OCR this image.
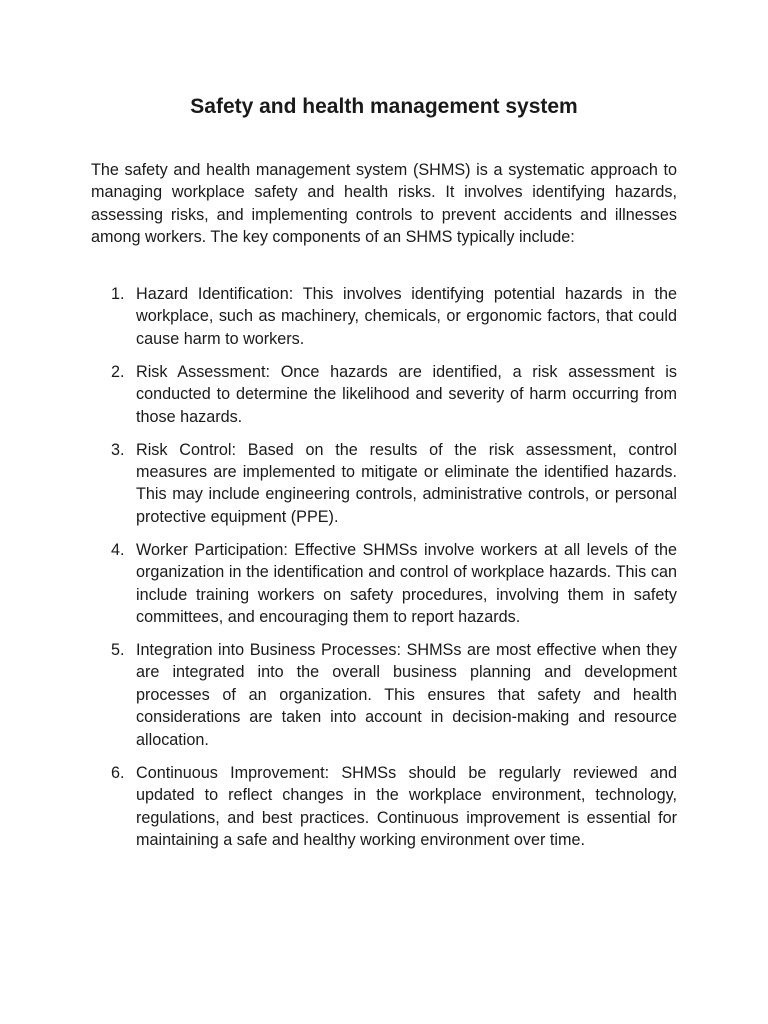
Safety and health management system

The safety and health management system (SHMS) is a systematic approach to managing workplace safety and health risks. It involves identifying hazards, assessing risks, and implementing controls to prevent accidents and illnesses among workers. The key components of an SHMS typically include:

1. Hazard Identification: This involves identifying potential hazards in the workplace, such as machinery, chemicals, or ergonomic factors, that could cause harm to workers.
2. Risk Assessment: Once hazards are identified, a risk assessment is conducted to determine the likelihood and severity of harm occurring from those hazards.
3. Risk Control: Based on the results of the risk assessment, control measures are implemented to mitigate or eliminate the identified hazards. This may include engineering controls, administrative controls, or personal protective equipment (PPE).
4. Worker Participation: Effective SHMSs involve workers at all levels of the organization in the identification and control of workplace hazards. This can include training workers on safety procedures, involving them in safety committees, and encouraging them to report hazards.
5. Integration into Business Processes: SHMSs are most effective when they are integrated into the overall business planning and development processes of an organization. This ensures that safety and health considerations are taken into account in decision-making and resource allocation.
6. Continuous Improvement: SHMSs should be regularly reviewed and updated to reflect changes in the workplace environment, technology, regulations, and best practices. Continuous improvement is essential for maintaining a safe and healthy working environment over time.
